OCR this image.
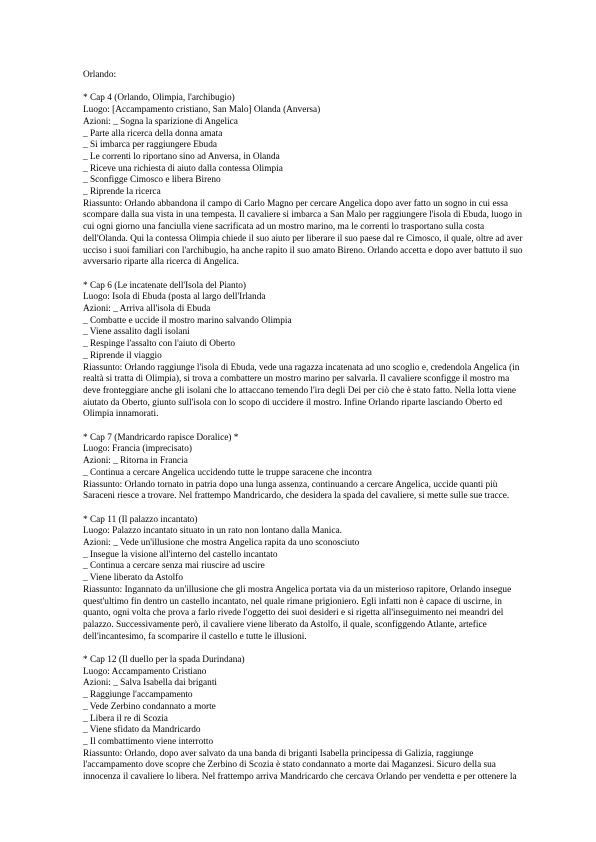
Orlando:
* Cap 4 (Orlando, Olimpia, l'archibugio)
Luogo: [Accampamento cristiano, San Malo] Olanda (Anversa)
Azioni: _ Sogna la sparizione di Angelica
_ Parte alla ricerca della donna amata
_ Si imbarca per raggiungere Ebuda
_ Le correnti lo riportano sino ad Anversa, in Olanda
_ Riceve una richiesta di aiuto dalla contessa Olimpia
_ Sconfigge Cimosco e libera Bireno
_ Riprende la ricerca
Riassunto: Orlando abbandona il campo di Carlo Magno per cercare Angelica dopo aver fatto un sogno in cui essa scompare dalla sua vista in una tempesta. Il cavaliere si imbarca a San Malo per raggiungere l'isola di Ebuda, luogo in cui ogni giorno una fanciulla viene sacrificata ad un mostro marino, ma le correnti lo trasportano sulla costa dell'Olanda. Qui la contessa Olimpia chiede il suo aiuto per liberare il suo paese dal re Cimosco, il quale, oltre ad aver ucciso i suoi familiari con l'archibugio, ha anche rapito il suo amato Bireno. Orlando accetta e dopo aver battuto il suo avversario riparte alla ricerca di Angelica.
* Cap 6 (Le incatenate dell'Isola del Pianto)
Luogo: Isola di Ebuda (posta al largo dell'Irlanda
Azioni: _ Arriva all'isola di Ebuda
_ Combatte e uccide il mostro marino salvando Olimpia
_ Viene assalito dagli isolani
_ Respinge l'assalto con l'aiuto di Oberto
_ Riprende il viaggio
Riassunto: Orlando raggiunge l'isola di Ebuda, vede una ragazza incatenata ad uno scoglio e, credendola Angelica (in realtà si tratta di Olimpia), si trova a combattere un mostro marino per salvarla. Il cavaliere sconfigge il mostro ma deve fronteggiare anche gli isolani che lo attaccano temendo l'ira degli Dei per ciò che è stato fatto. Nella lotta viene aiutato da Oberto, giunto sull'isola con lo scopo di uccidere il mostro. Infine Orlando riparte lasciando Oberto ed Olimpia innamorati.
* Cap 7 (Mandricardo rapisce Doralice) *
Luogo: Francia (imprecisato)
Azioni: _ Ritorna in Francia
_ Continua a cercare Angelica uccidendo tutte le truppe saracene che incontra
Riassunto: Orlando tornato in patria dopo una lunga assenza, continuando a cercare Angelica, uccide quanti più Saraceni riesce a trovare. Nel frattempo Mandricardo, che desidera la spada del cavaliere, si mette sulle sue tracce.
* Cap 11 (Il palazzo incantato)
Luogo: Palazzo incantato situato in un rato non lontano dalla Manica.
Azioni: _ Vede un'illusione che mostra Angelica rapita da uno sconosciuto
_ Insegue la visione all'interno del castello incantato
_ Continua a cercare senza mai riuscire ad uscire
_ Viene liberato da Astolfo
Riassunto: Ingannato da un'illusione che gli mostra Angelica portata via da un misterioso rapitore, Orlando insegue quest'ultimo fin dentro un castello incantato, nel quale rimane prigioniero. Egli infatti non è capace di uscirne, in quanto, ogni volta che prova a farlo rivede l'oggetto dei suoi desideri e si rigetta all'inseguimento nei meandri del palazzo. Successivamente però, il cavaliere viene liberato da Astolfo, il quale, sconfiggendo Atlante, artefice dell'incantesimo, fa scomparire il castello e tutte le illusioni.
* Cap 12 (Il duello per la spada Durindana)
Luogo: Accampamento Cristiano
Azioni: _ Salva Isabella dai briganti
_ Raggiunge l'accampamento
_ Vede Zerbino condannato a morte
_ Libera il re di Scozia
_ Viene sfidato da Mandricardo
_ Il combattimento viene interrotto
Riassunto: Orlando, dopo aver salvato da una banda di briganti Isabella principessa di Galizia, raggiunge l'accampamento dove scopre che Zerbino di Scozia è stato condannato a morte dai Maganzesi. Sicuro della sua innocenza il cavaliere lo libera. Nel frattempo arriva Mandricardo che cercava Orlando per vendetta e per ottenere la
